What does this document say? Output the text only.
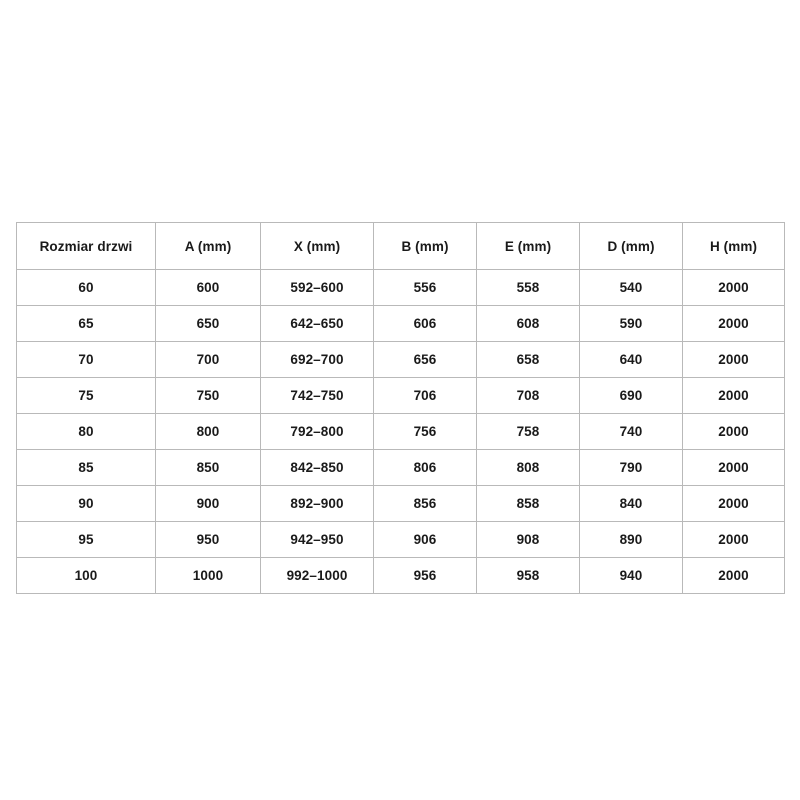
Rozmiar drzwi	A (mm)	X (mm)	B (mm)	E (mm)	D (mm)	H (mm)
60	600	592–600	556	558	540	2000
65	650	642–650	606	608	590	2000
70	700	692–700	656	658	640	2000
75	750	742–750	706	708	690	2000
80	800	792–800	756	758	740	2000
85	850	842–850	806	808	790	2000
90	900	892–900	856	858	840	2000
95	950	942–950	906	908	890	2000
100	1000	992–1000	956	958	940	2000
